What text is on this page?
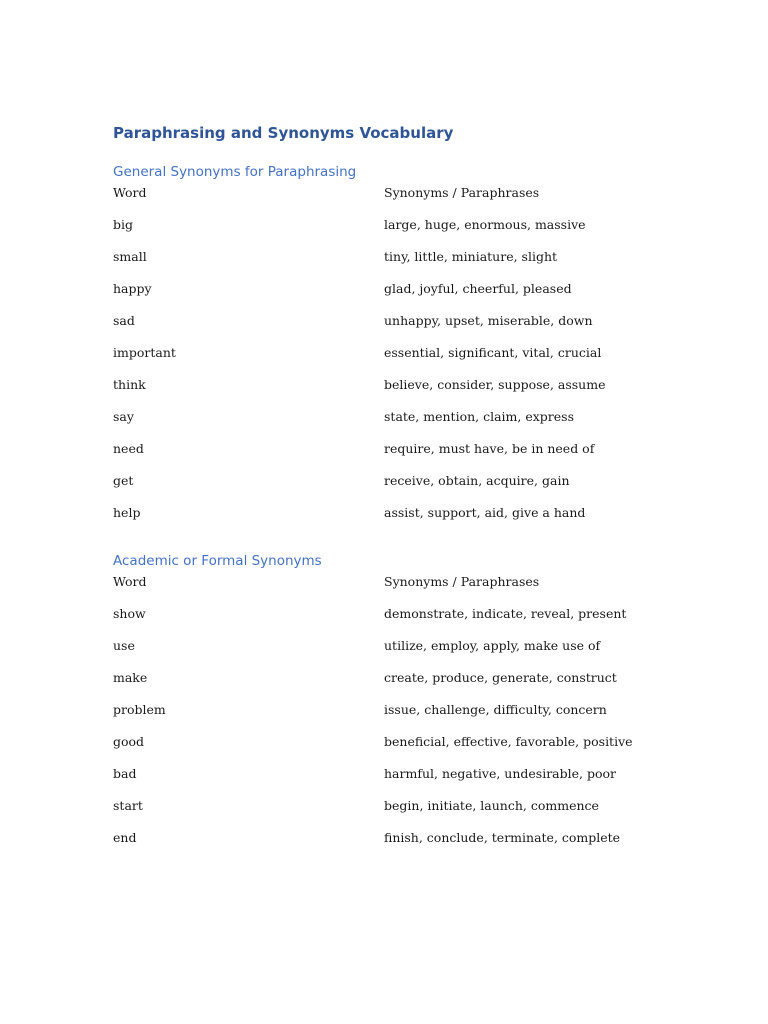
Paraphrasing and Synonyms Vocabulary
General Synonyms for Paraphrasing
Word	Synonyms / Paraphrases
big	large, huge, enormous, massive
small	tiny, little, miniature, slight
happy	glad, joyful, cheerful, pleased
sad	unhappy, upset, miserable, down
important	essential, significant, vital, crucial
think	believe, consider, suppose, assume
say	state, mention, claim, express
need	require, must have, be in need of
get	receive, obtain, acquire, gain
help	assist, support, aid, give a hand
Academic or Formal Synonyms
Word	Synonyms / Paraphrases
show	demonstrate, indicate, reveal, present
use	utilize, employ, apply, make use of
make	create, produce, generate, construct
problem	issue, challenge, difficulty, concern
good	beneficial, effective, favorable, positive
bad	harmful, negative, undesirable, poor
start	begin, initiate, launch, commence
end	finish, conclude, terminate, complete
